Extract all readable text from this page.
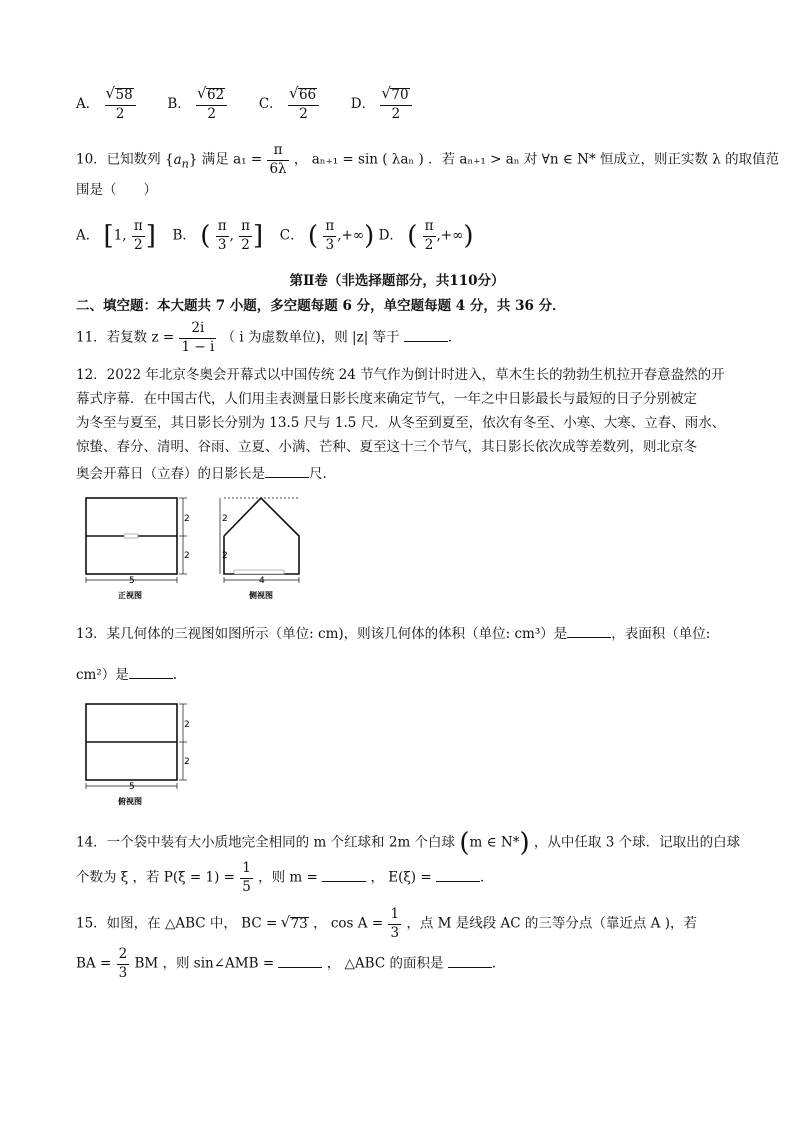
A． √ $\frac{58}{2}$ B． √ $\frac{62}{2}$ C． √ $\frac{66}{2}$ D． √ $\frac{70}{2}$
10．已知数列 $\{a_n\}$ 满足 $a_1 = \frac{\pi}{6\lambda}$ ， aₙ₊₁ = sin ( λaₙ ) ．若 aₙ₊₁ > aₙ 对 ∀n ∈ N* 恒成立，则正实数 λ 的取值范
围是（　　）
A． [1, $\frac{\pi}{2}$ ] B． ( $\frac{\pi}{3}$ , $\frac{\pi}{2}$ ] C． ( $\frac{\pi}{3}$ ,+∞) D． ( $\frac{\pi}{2}$ ,+∞)
第Ⅱ卷（非选择题部分，共110分）
二、填空题：本大题共 7 小题，多空题每题 6 分，单空题每题 4 分，共 36 分．
11．若复数 $z = \frac{2i}{1 - i}$ （ i 为虚数单位)，则 |z| 等于	．
12．2022 年北京冬奥会开幕式以中国传统 24 节气作为倒计时进入，草木生长的勃勃生机拉开春意盎然的开
幕式序幕．在中国古代，人们用圭表测量日影长度来确定节气，一年之中日影最长与最短的日子分别被定
为冬至与夏至，其日影长分别为 13.5 尺与 1.5 尺．从冬至到夏至，依次有冬至、小寒、大寒、立春、雨水、
惊蛰、春分、清明、谷雨、立夏、小满、芒种、夏至这十三个节气，其日影长依次成等差数列，则北京冬
奥会开幕日（立春）的日影长是	尺.
2
2
5
正视图
2
2
4
侧视图
13．某几何体的三视图如图所示（单位: cm)，则该几何体的体积（单位: cm³）是	，表面积（单位:
cm²）是	.
2
2
5
俯视图
14．一个袋中装有大小质地完全相同的 m 个红球和 2m 个白球 (m ∈ N*) ，从中任取 3 个球．记取出的白球
个数为 ξ ，若 $P(\xi = 1) = \frac{1}{5}$ ，则 m =	， E(ξ) =	．
15．如图，在 △ABC 中， BC = √ 73 ， $\cos A = \frac{1}{3}$ ，点 M 是线段 AC 的三等分点（靠近点 A )，若
BA = $\frac{2}{3}$ BM ，则 sin∠AMB =	， △ABC 的面积是	.
